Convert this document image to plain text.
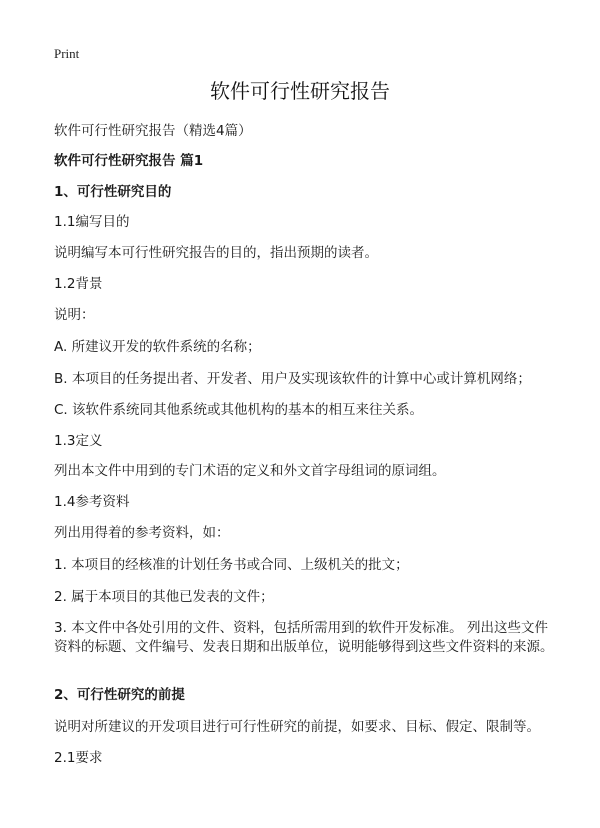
Print
软件可行性研究报告
软件可行性研究报告（精选4篇）
软件可行性研究报告 篇1
1、可行性研究目的
1.1编写目的
说明编写本可行性研究报告的目的，指出预期的读者。
1.2背景
说明：
A. 所建议开发的软件系统的名称；
B. 本项目的任务提出者、开发者、用户及实现该软件的计算中心或计算机网络；
C. 该软件系统同其他系统或其他机构的基本的相互来往关系。
1.3定义
列出本文件中用到的专门术语的定义和外文首字母组词的原词组。
1.4参考资料
列出用得着的参考资料，如：
1. 本项目的经核准的计划任务书或合同、上级机关的批文；
2. 属于本项目的其他已发表的文件；
3. 本文件中各处引用的文件、资料，包括所需用到的软件开发标准。 列出这些文件资料的标题、文件编号、发表日期和出版单位，说明能够得到这些文件资料的来源。
2、可行性研究的前提
说明对所建议的开发项目进行可行性研究的前提，如要求、目标、假定、限制等。
2.1要求
